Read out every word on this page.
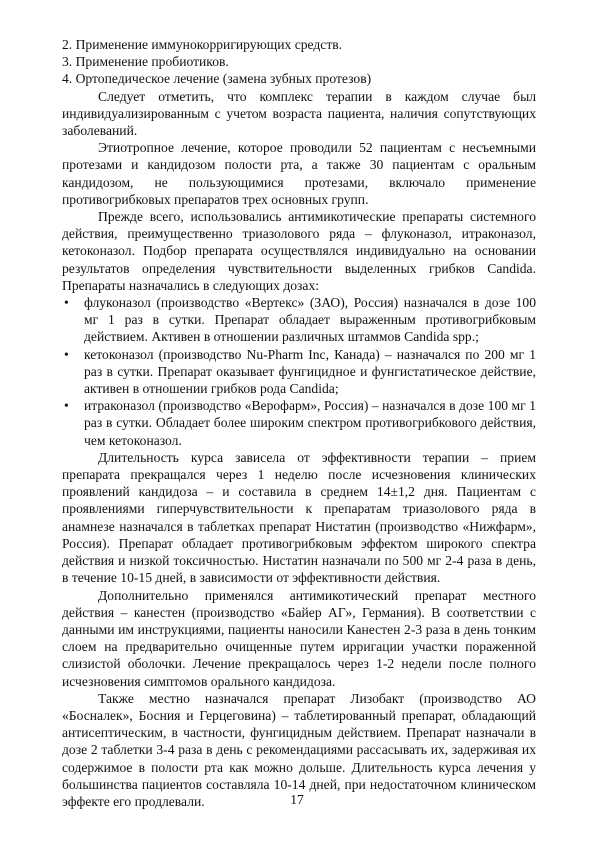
2. Применение иммунокорригирующих средств.
3. Применение пробиотиков.
4. Ортопедическое лечение (замена зубных протезов)
Следует отметить, что комплекс терапии в каждом случае был индивидуализированным с учетом возраста пациента, наличия сопутствующих заболеваний.
Этиотропное лечение, которое проводили 52 пациентам с несъемными протезами и кандидозом полости рта, а также 30 пациентам с оральным кандидозом, не пользующимися протезами, включало применение противогрибковых препаратов трех основных групп.
Прежде всего, использовались антимикотические препараты системного действия, преимущественно триазолового ряда – флуконазол, итраконазол, кетоконазол. Подбор препарата осуществлялся индивидуально на основании результатов определения чувствительности выделенных грибков Candida. Препараты назначались в следующих дозах:
• флуконазол (производство «Вертекс» (ЗАО), Россия) назначался в дозе 100 мг 1 раз в сутки. Препарат обладает выраженным противогрибковым действием. Активен в отношении различных штаммов Candida spp.;
• кетоконазол (производство Nu-Pharm Inc, Канада) – назначался по 200 мг 1 раз в сутки. Препарат оказывает фунгицидное и фунгистатическое действие, активен в отношении грибков рода Candida;
• итраконазол (производство «Верофарм», Россия) – назначался в дозе 100 мг 1 раз в сутки. Обладает более широким спектром противогрибкового действия, чем кетоконазол.
Длительность курса зависела от эффективности терапии – прием препарата прекращался через 1 неделю после исчезновения клинических проявлений кандидоза – и составила в среднем 14±1,2 дня. Пациентам с проявлениями гиперчувствительности к препаратам триазолового ряда в анамнезе назначался в таблетках препарат Нистатин (производство «Нижфарм», Россия). Препарат обладает противогрибковым эффектом широкого спектра действия и низкой токсичностью. Нистатин назначали по 500 мг 2-4 раза в день, в течение 10-15 дней, в зависимости от эффективности действия.
Дополнительно применялся антимикотический препарат местного действия – канестен (производство «Байер АГ», Германия). В соответствии с данными им инструкциями, пациенты наносили Канестен 2-3 раза в день тонким слоем на предварительно очищенные путем ирригации участки пораженной слизистой оболочки. Лечение прекращалось через 1-2 недели после полного исчезновения симптомов орального кандидоза.
Также местно назначался препарат Лизобакт (производство АО «Босналек», Босния и Герцеговина) – таблетированный препарат, обладающий антисептическим, в частности, фунгицидным действием. Препарат назначали в дозе 2 таблетки 3-4 раза в день с рекомендациями рассасывать их, задерживая их содержимое в полости рта как можно дольше. Длительность курса лечения у большинства пациентов составляла 10-14 дней, при недостаточном клиническом эффекте его продлевали.	17
